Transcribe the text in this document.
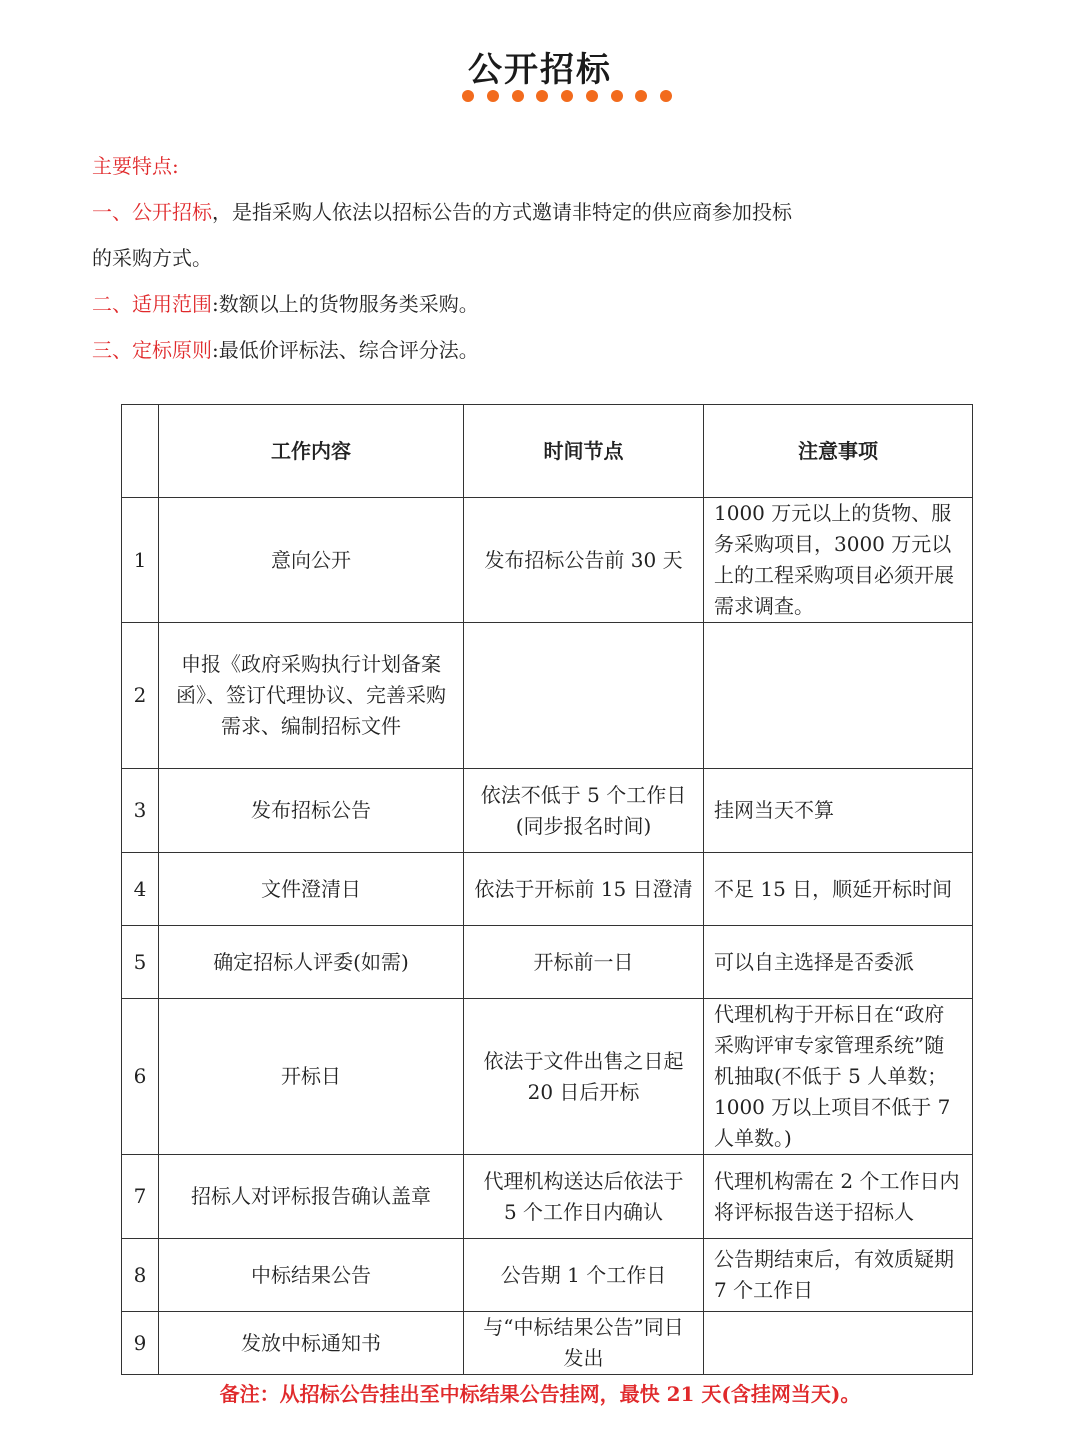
公开招标
主要特点:
一、公开招标，是指采购人依法以招标公告的方式邀请非特定的供应商参加投标
的采购方式。
二、适用范围:数额以上的货物服务类采购。
三、定标原则:最低价评标法、综合评分法。
	工作内容	时间节点	注意事项
1	意向公开	发布招标公告前 30 天	1000 万元以上的货物、服务采购项目，3000 万元以上的工程采购项目必须开展需求调查。
2	申报《政府采购执行计划备案函》、签订代理协议、完善采购
需求、编制招标文件		
3	发布招标公告	依法不低于 5 个工作日
(同步报名时间)	挂网当天不算
4	文件澄清日	依法于开标前 15 日澄清	不足 15 日，顺延开标时间
5	确定招标人评委(如需)	开标前一日	可以自主选择是否委派
6	开标日	依法于文件出售之日起 20 日后开标	代理机构于开标日在“政府采购评审专家管理系统”随机抽取(不低于 5 人单数；1000 万以上项目不低于 7 人单数。)
7	招标人对评标报告确认盖章	代理机构送达后依法于 5 个工作日内确认	代理机构需在 2 个工作日内将评标报告送于招标人
8	中标结果公告	公告期 1 个工作日	公告期结束后，有效质疑期 7 个工作日
9	发放中标通知书	与“中标结果公告”同日发出	
备注：从招标公告挂出至中标结果公告挂网，最快 21 天(含挂网当天)。
